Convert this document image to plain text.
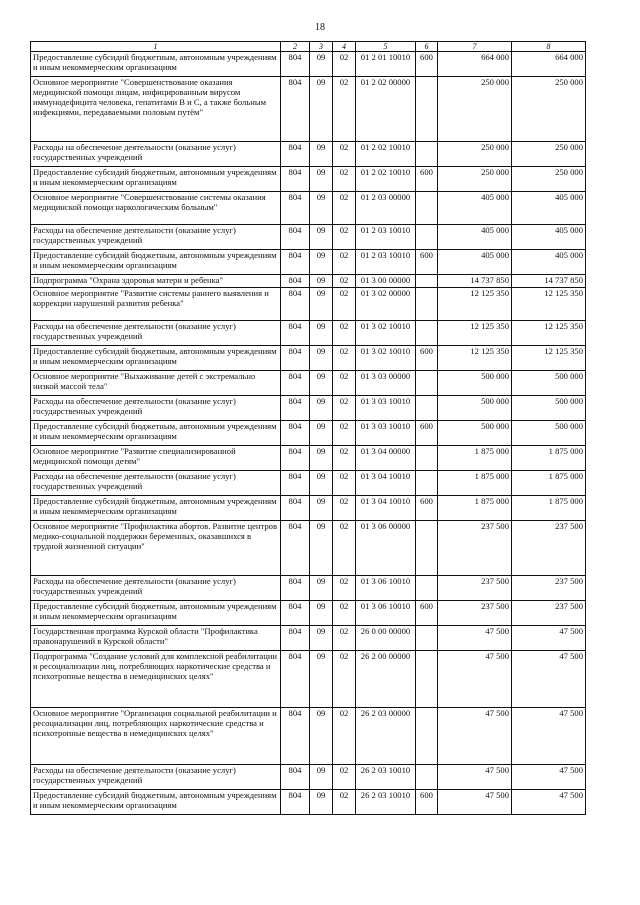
18
1	2	3	4	5	6	7	8
Предоставление субсидий бюджетным, автономным учреждениям и иным некоммерческим организациям	804	09	02	01 2 01 10010	600	664 000	664 000
Основное мероприятие "Совершенствование оказания медицинской помощи лицам, инфицированным вирусом иммунодефицита человека, гепатитами B и C, а также больным инфекциями, передаваемыми половым путём"	804	09	02	01 2 02 00000		250 000	250 000
Расходы на обеспечение деятельности (оказание услуг) государственных учреждений	804	09	02	01 2 02 10010		250 000	250 000
Предоставление субсидий бюджетным, автономным учреждениям и иным некоммерческим организациям	804	09	02	01 2 02 10010	600	250 000	250 000
Основное мероприятие "Совершенствование системы оказания медицинской помощи наркологическим больным"	804	09	02	01 2 03 00000		405 000	405 000
Расходы на обеспечение деятельности (оказание услуг) государственных учреждений	804	09	02	01 2 03 10010		405 000	405 000
Предоставление субсидий бюджетным, автономным учреждениям и иным некоммерческим организациям	804	09	02	01 2 03 10010	600	405 000	405 000
Подпрограмма "Охрана здоровья матери и ребенка"	804	09	02	01 3 00 00000		14 737 850	14 737 850
Основное мероприятие "Развитие системы раннего выявления и коррекции нарушений развития ребенка"	804	09	02	01 3 02 00000		12 125 350	12 125 350
Расходы на обеспечение деятельности (оказание услуг) государственных учреждений	804	09	02	01 3 02 10010		12 125 350	12 125 350
Предоставление субсидий бюджетным, автономным учреждениям и иным некоммерческим организациям	804	09	02	01 3 02 10010	600	12 125 350	12 125 350
Основное мероприятие "Выхаживание детей с экстремально низкой массой тела"	804	09	02	01 3 03 00000		500 000	500 000
Расходы на обеспечение деятельности (оказание услуг) государственных учреждений	804	09	02	01 3 03 10010		500 000	500 000
Предоставление субсидий бюджетным, автономным учреждениям и иным некоммерческим организациям	804	09	02	01 3 03 10010	600	500 000	500 000
Основное мероприятие "Развитие специализированной медицинской помощи детям"	804	09	02	01 3 04 00000		1 875 000	1 875 000
Расходы на обеспечение деятельности (оказание услуг) государственных учреждений	804	09	02	01 3 04 10010		1 875 000	1 875 000
Предоставление субсидий бюджетным, автономным учреждениям и иным некоммерческим организациям	804	09	02	01 3 04 10010	600	1 875 000	1 875 000
Основное мероприятие "Профилактика абортов. Развитие центров медико-социальной поддержки беременных, оказавшихся в трудной жизненной ситуации"	804	09	02	01 3 06 00000		237 500	237 500
Расходы на обеспечение деятельности (оказание услуг) государственных учреждений	804	09	02	01 3 06 10010		237 500	237 500
Предоставление субсидий бюджетным, автономным учреждениям и иным некоммерческим организациям	804	09	02	01 3 06 10010	600	237 500	237 500
Государственная программа Курской области "Профилактика правонарушений в Курской области"	804	09	02	26 0 00 00000		47 500	47 500
Подпрограмма "Создание условий для комплексной реабилитации и ресоциализации лиц, потребляющих наркотические средства и психотропные вещества в немедицинских целях"	804	09	02	26 2 00 00000		47 500	47 500
Основное мероприятие "Организация социальной реабилитации и ресоциализации лиц, потребляющих наркотические средства и психотропные вещества в немедицинских целях"	804	09	02	26 2 03 00000		47 500	47 500
Расходы на обеспечение деятельности (оказание услуг) государственных учреждений	804	09	02	26 2 03 10010		47 500	47 500
Предоставление субсидий бюджетным, автономным учреждениям и иным некоммерческим организациям	804	09	02	26 2 03 10010	600	47 500	47 500
